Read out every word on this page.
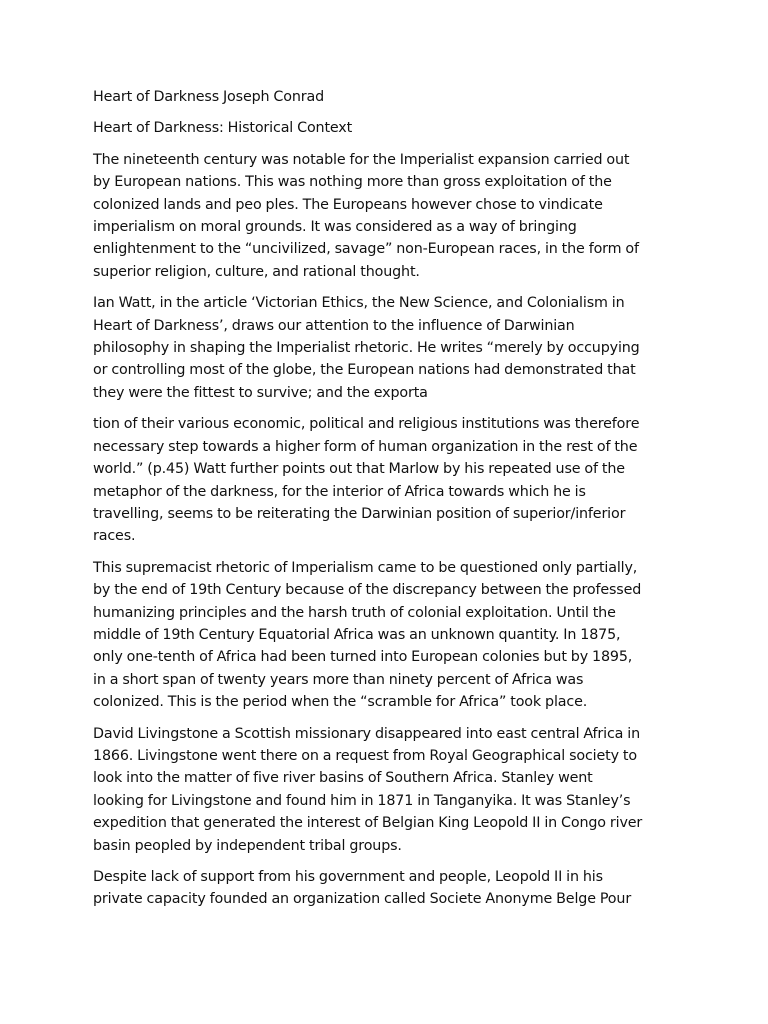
Heart of Darkness Joseph Conrad

Heart of Darkness: Historical Context

The nineteenth century was notable for the Imperialist expansion carried out
by European nations. This was nothing more than gross exploitation of the
colonized lands and peo ples. The Europeans however chose to vindicate
imperialism on moral grounds. It was considered as a way of bringing
enlightenment to the “uncivilized, savage” non-European races, in the form of
superior religion, culture, and rational thought.

Ian Watt, in the article ‘Victorian Ethics, the New Science, and Colonialism in
Heart of Darkness’, draws our attention to the influence of Darwinian
philosophy in shaping the Imperialist rhetoric. He writes “merely by occupying
or controlling most of the globe, the European nations had demonstrated that
they were the fittest to survive; and the exporta

tion of their various economic, political and religious institutions was therefore
necessary step towards a higher form of human organization in the rest of the
world.” (p.45) Watt further points out that Marlow by his repeated use of the
metaphor of the darkness, for the interior of Africa towards which he is
travelling, seems to be reiterating the Darwinian position of superior/inferior
races.

This supremacist rhetoric of Imperialism came to be questioned only partially,
by the end of 19th Century because of the discrepancy between the professed
humanizing principles and the harsh truth of colonial exploitation. Until the
middle of 19th Century Equatorial Africa was an unknown quantity. In 1875,
only one-tenth of Africa had been turned into European colonies but by 1895,
in a short span of twenty years more than ninety percent of Africa was
colonized. This is the period when the “scramble for Africa” took place.

David Livingstone a Scottish missionary disappeared into east central Africa in
1866. Livingstone went there on a request from Royal Geographical society to
look into the matter of five river basins of Southern Africa. Stanley went
looking for Livingstone and found him in 1871 in Tanganyika. It was Stanley’s
expedition that generated the interest of Belgian King Leopold II in Congo river
basin peopled by independent tribal groups.

Despite lack of support from his government and people, Leopold II in his
private capacity founded an organization called Societe Anonyme Belge Pour
